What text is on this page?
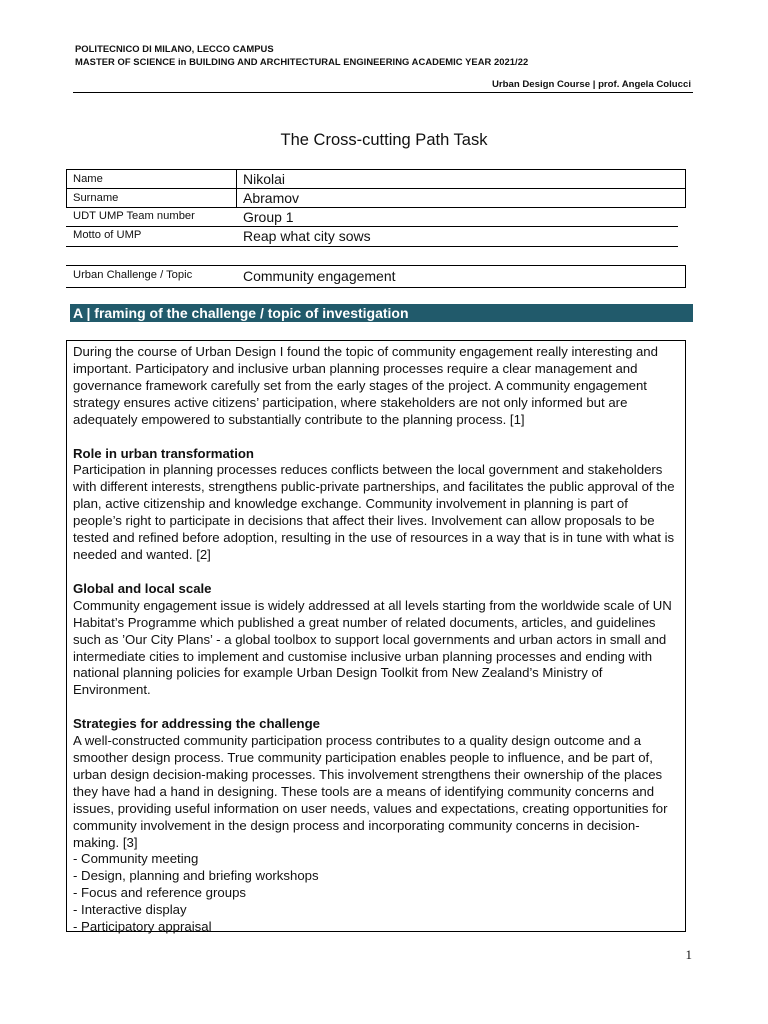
POLITECNICO DI MILANO, LECCO CAMPUS
MASTER OF SCIENCE in BUILDING AND ARCHITECTURAL ENGINEERING ACADEMIC YEAR 2021/22
Urban Design Course | prof. Angela Colucci
The Cross-cutting Path Task
Name	Nikolai
Surname	Abramov
UDT UMP Team number	Group 1
Motto of UMP	Reap what city sows
Urban Challenge / Topic	Community engagement
A | framing of the challenge / topic of investigation

During the course of Urban Design I found the topic of community engagement really interesting and important. Participatory and inclusive urban planning processes require a clear management and governance framework carefully set from the early stages of the project. A community engagement strategy ensures active citizens’ participation, where stakeholders are not only informed but are adequately empowered to substantially contribute to the planning process. [1]

Role in urban transformation

Participation in planning processes reduces conflicts between the local government and stakeholders with different interests, strengthens public-private partnerships, and facilitates the public approval of the plan, active citizenship and knowledge exchange. Community involvement in planning is part of people’s right to participate in decisions that affect their lives. Involvement can allow proposals to be tested and refined before adoption, resulting in the use of resources in a way that is in tune with what is needed and wanted. [2]

Global and local scale

Community engagement issue is widely addressed at all levels starting from the worldwide scale of UN Habitat’s Programme which published a great number of related documents, articles, and guidelines such as ’Our City Plans’ - a global toolbox to support local governments and urban actors in small and intermediate cities to implement and customise inclusive urban planning processes and ending with national planning policies for example Urban Design Toolkit from New Zealand’s Ministry of Environment.

Strategies for addressing the challenge

A well-constructed community participation process contributes to a quality design outcome and a smoother design process. True community participation enables people to influence, and be part of, urban design decision-making processes. This involvement strengthens their ownership of the places they have had a hand in designing. These tools are a means of identifying community concerns and issues, providing useful information on user needs, values and expectations, creating opportunities for community involvement in the design process and incorporating community concerns in decision-making. [3]

- Community meeting
- Design, planning and briefing workshops
- Focus and reference groups
- Interactive display
- Participatory appraisal
1
